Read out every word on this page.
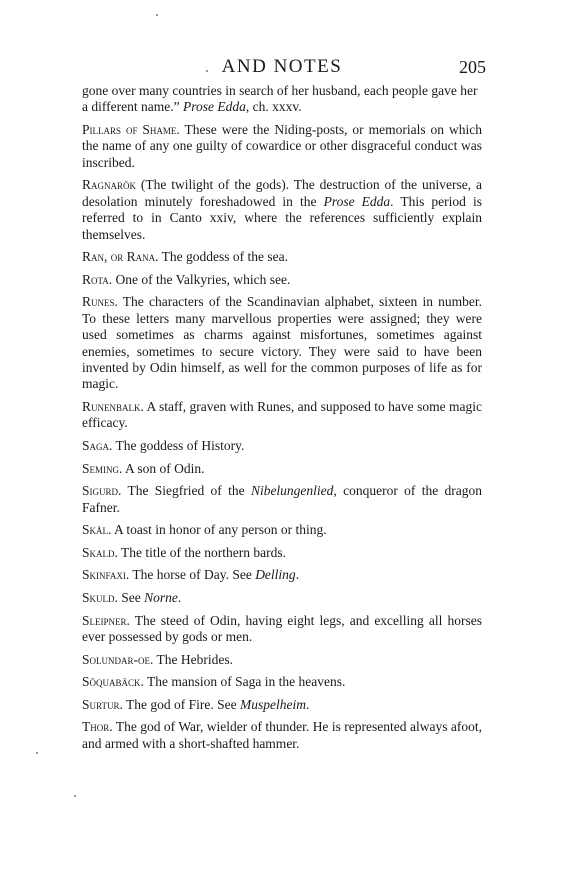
AND NOTES	205

gone over many countries in search of her husband, each people gave her a different name.” Prose Edda, ch. xxxv.

Pillars of Shame. These were the Niding-posts, or memorials on which the name of any one guilty of cowardice or other disgraceful conduct was inscribed.

Ragnarök (The twilight of the gods). The destruction of the universe, a desolation minutely foreshadowed in the Prose Edda. This period is referred to in Canto xxiv, where the references sufficiently explain themselves.

Ran, or Rana. The goddess of the sea.

Rota. One of the Valkyries, which see.

Runes. The characters of the Scandinavian alphabet, sixteen in number. To these letters many marvellous properties were assigned; they were used sometimes as charms against misfortunes, sometimes against enemies, sometimes to secure victory. They were said to have been invented by Odin himself, as well for the common purposes of life as for magic.

Runenbalk. A staff, graven with Runes, and supposed to have some magic efficacy.

Saga. The goddess of History.

Seming. A son of Odin.

Sigurd. The Siegfried of the Nibelungenlied, conqueror of the dragon Fafner.

Skål. A toast in honor of any person or thing.

Skald. The title of the northern bards.

Skinfaxi. The horse of Day. See Delling.

Skuld. See Norne.

Sleipner. The steed of Odin, having eight legs, and excelling all horses ever possessed by gods or men.

Solundar-oe. The Hebrides.

Söquabäck. The mansion of Saga in the heavens.

Surtur. The god of Fire. See Muspelheim.

Thor. The god of War, wielder of thunder. He is represented always afoot, and armed with a short-shafted hammer.
